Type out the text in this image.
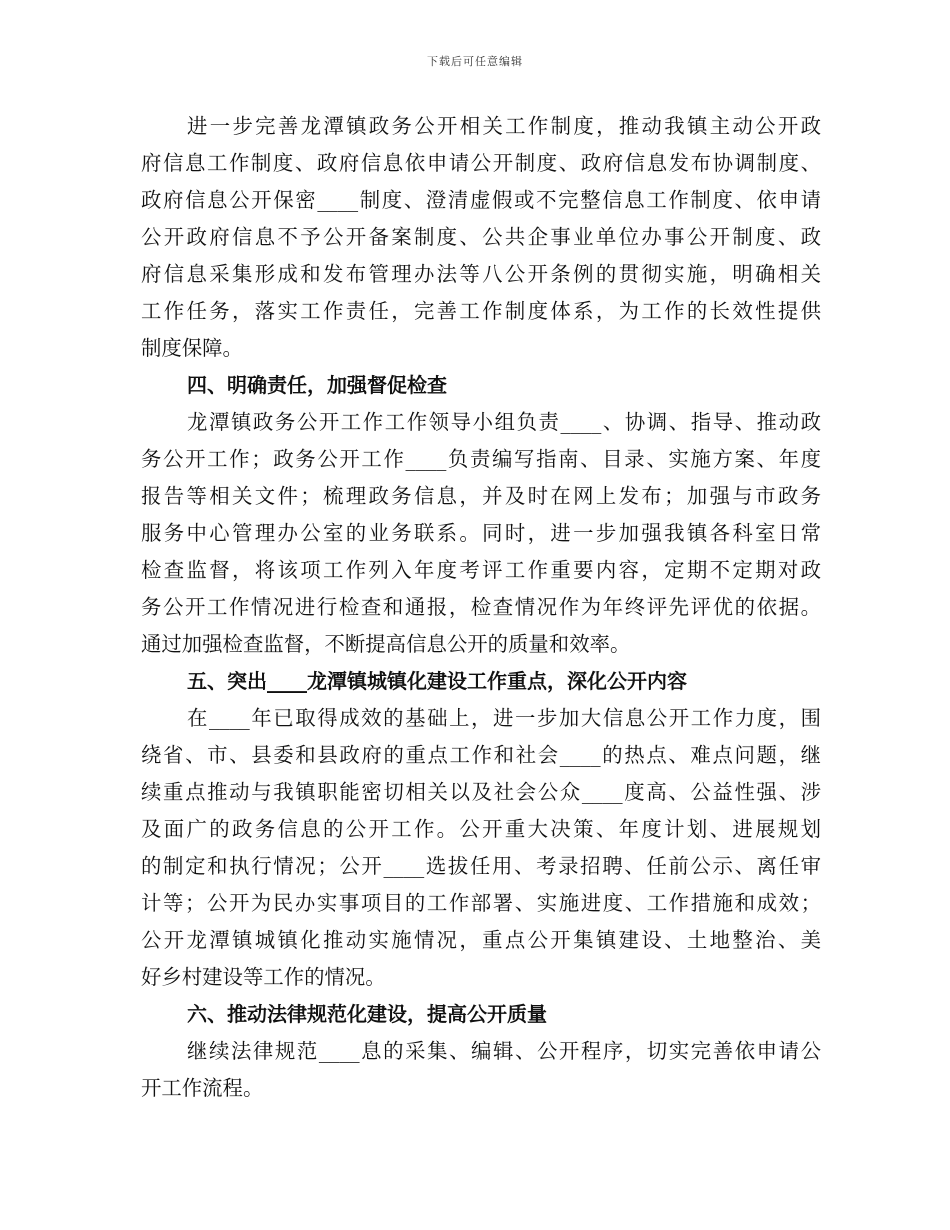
下载后可任意编辑
进一步完善龙潭镇政务公开相关工作制度，推动我镇主动公开政
府信息工作制度、政府信息依申请公开制度、政府信息发布协调制度、
政府信息公开保密____制度、澄清虚假或不完整信息工作制度、依申请
公开政府信息不予公开备案制度、公共企事业单位办事公开制度、政
府信息采集形成和发布管理办法等八公开条例的贯彻实施，明确相关
工作任务，落实工作责任，完善工作制度体系，为工作的长效性提供
制度保障。
四、明确责任，加强督促检查
龙潭镇政务公开工作工作领导小组负责____、协调、指导、推动政
务公开工作；政务公开工作____负责编写指南、目录、实施方案、年度
报告等相关文件；梳理政务信息，并及时在网上发布；加强与市政务
服务中心管理办公室的业务联系。同时，进一步加强我镇各科室日常
检查监督，将该项工作列入年度考评工作重要内容，定期不定期对政
务公开工作情况进行检查和通报，检查情况作为年终评先评优的依据。
通过加强检查监督，不断提高信息公开的质量和效率。
五、突出____龙潭镇城镇化建设工作重点，深化公开内容
在____年已取得成效的基础上，进一步加大信息公开工作力度，围
绕省、市、县委和县政府的重点工作和社会____的热点、难点问题，继
续重点推动与我镇职能密切相关以及社会公众____度高、公益性强、涉
及面广的政务信息的公开工作。公开重大决策、年度计划、进展规划
的制定和执行情况；公开____选拔任用、考录招聘、任前公示、离任审
计等；公开为民办实事项目的工作部署、实施进度、工作措施和成效；
公开龙潭镇城镇化推动实施情况，重点公开集镇建设、土地整治、美
好乡村建设等工作的情况。
六、推动法律规范化建设，提高公开质量
继续法律规范____息的采集、编辑、公开程序，切实完善依申请公
开工作流程。
